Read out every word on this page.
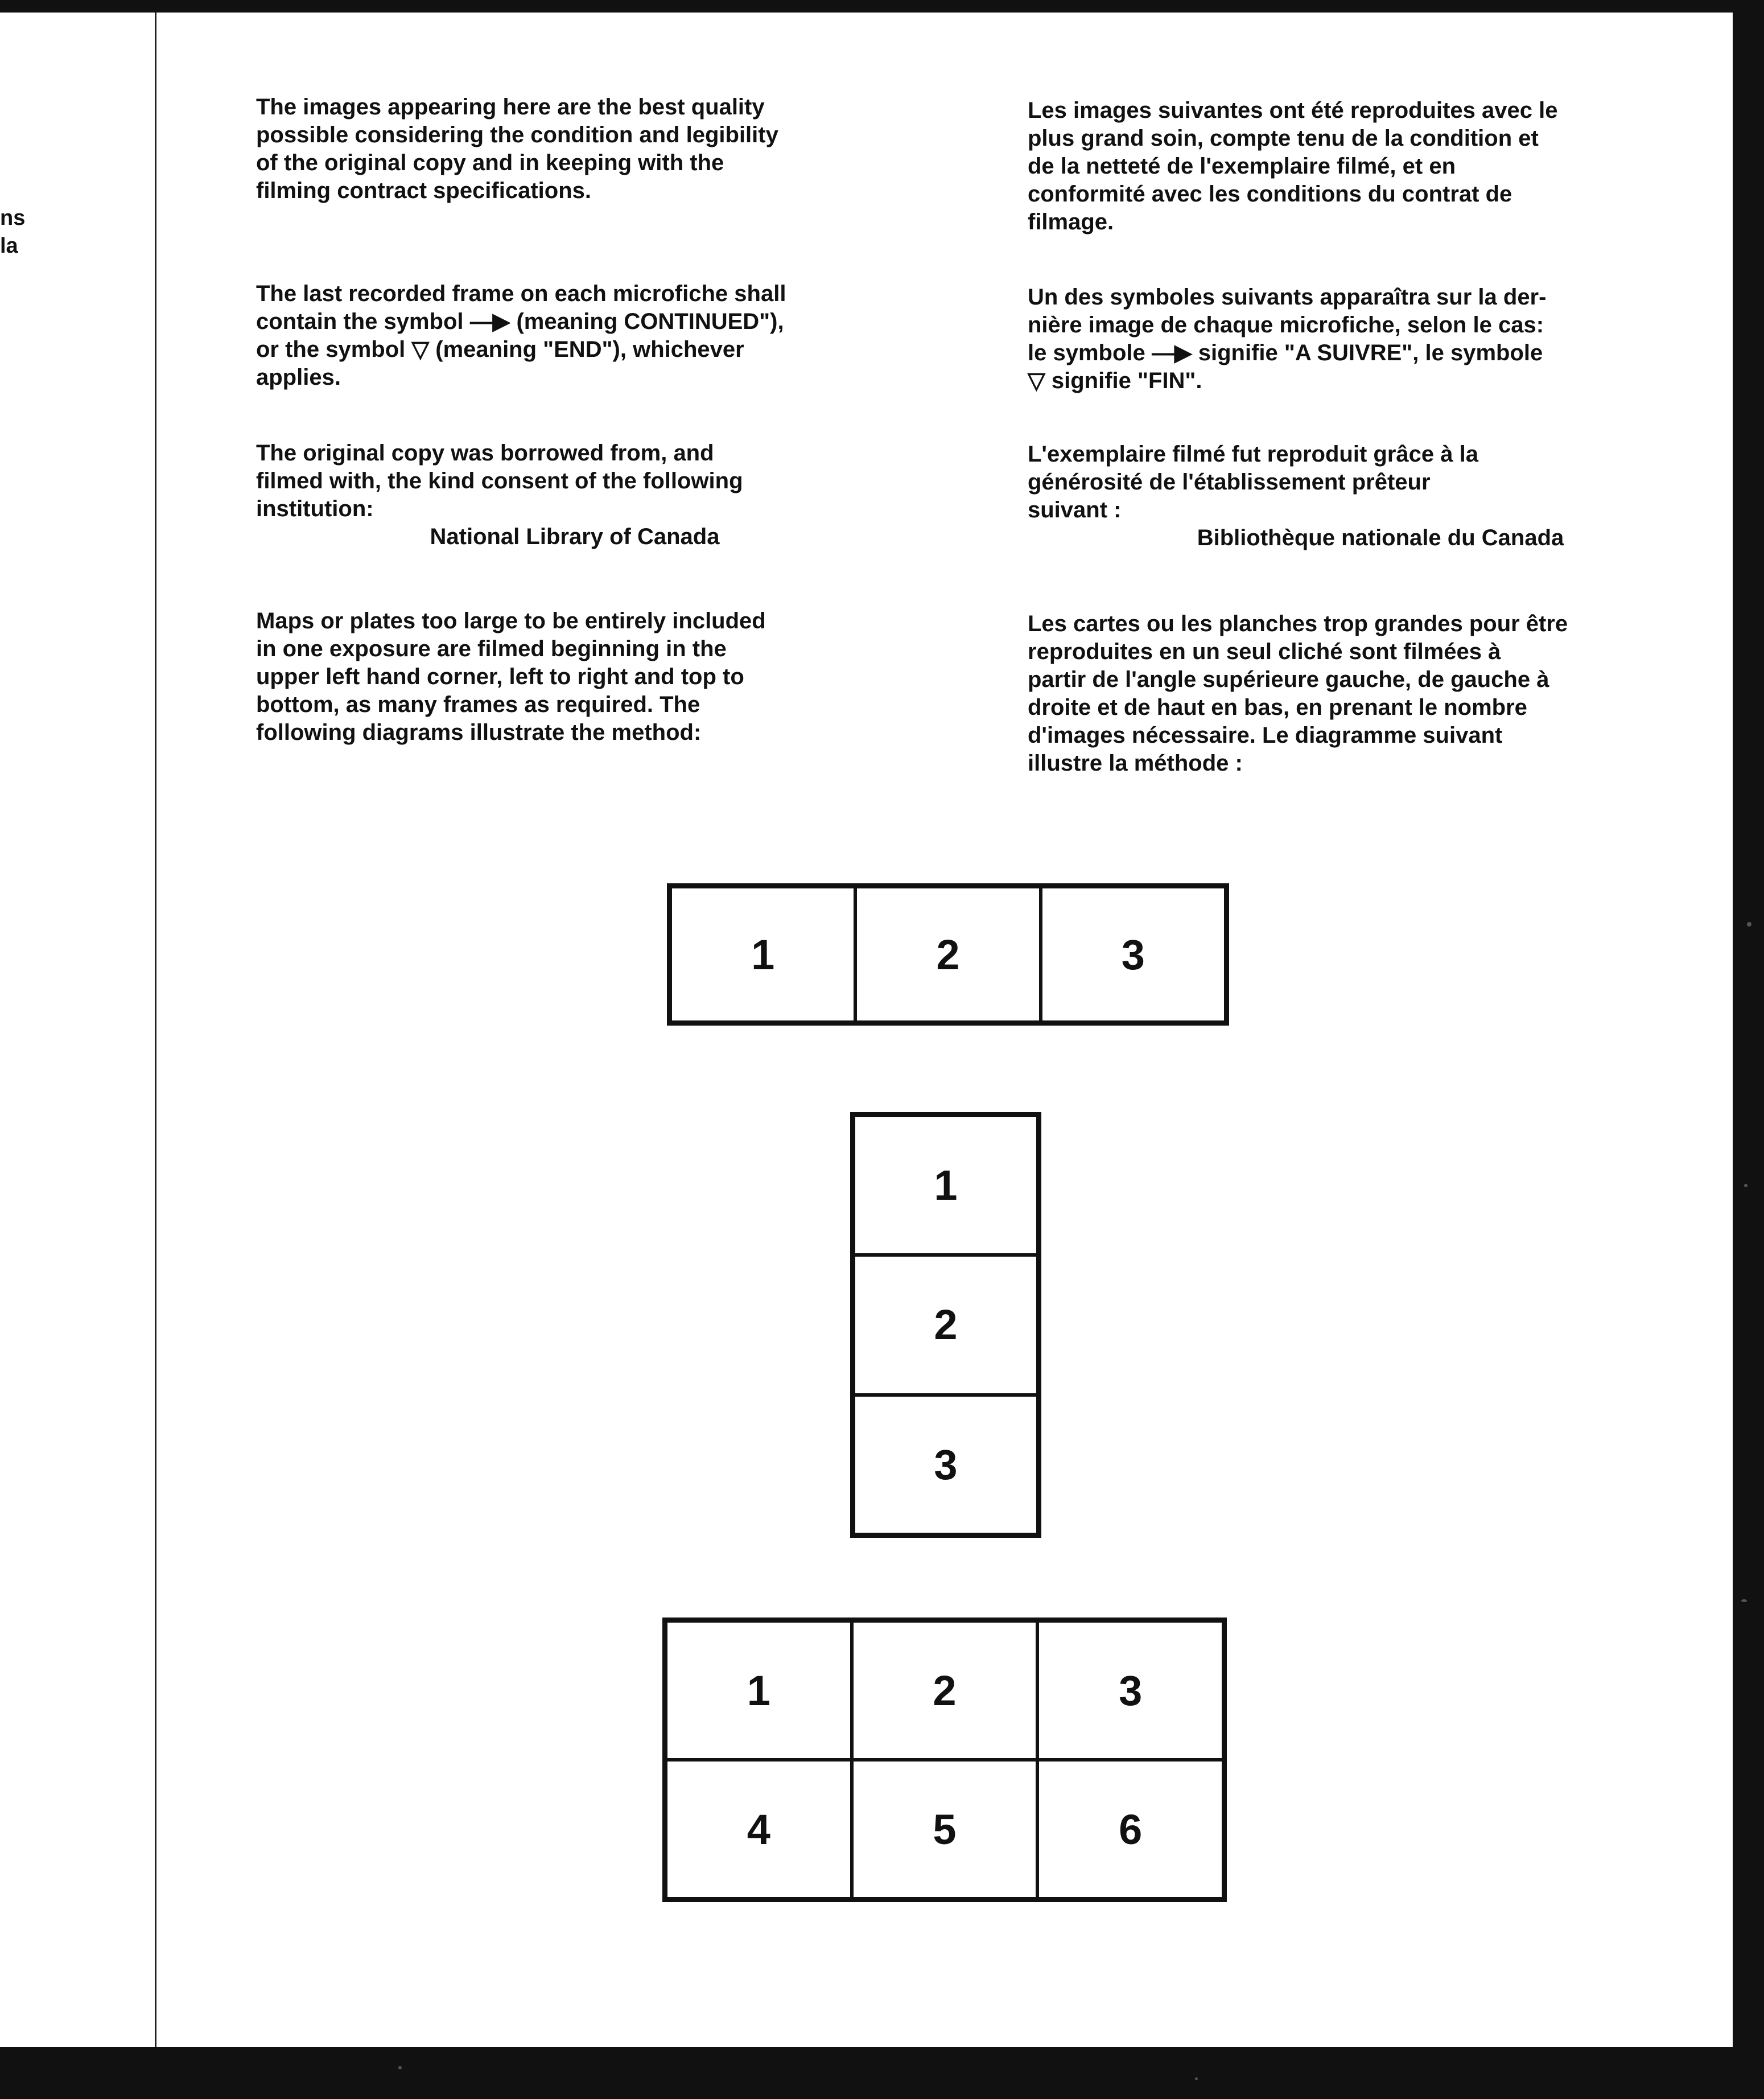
ns
la

The images appearing here are the best quality
possible considering the condition and legibility
of the original copy and in keeping with the
filming contract specifications.

The last recorded frame on each microfiche shall
contain the symbol —▶ (meaning CONTINUED"),
or the symbol ▽ (meaning "END"), whichever
applies.

The original copy was borrowed from, and
filmed with, the kind consent of the following
institution:

National Library of Canada

Maps or plates too large to be entirely included
in one exposure are filmed beginning in the
upper left hand corner, left to right and top to
bottom, as many frames as required. The
following diagrams illustrate the method:

Les images suivantes ont été reproduites avec le
plus grand soin, compte tenu de la condition et
de la netteté de l'exemplaire filmé, et en
conformité avec les conditions du contrat de
filmage.

Un des symboles suivants apparaîtra sur la der-
nière image de chaque microfiche, selon le cas:
le symbole —▶ signifie "A SUIVRE", le symbole
▽ signifie "FIN".

L'exemplaire filmé fut reproduit grâce à la
générosité de l'établissement prêteur
suivant :

Bibliothèque nationale du Canada

Les cartes ou les planches trop grandes pour être
reproduites en un seul cliché sont filmées à
partir de l'angle supérieure gauche, de gauche à
droite et de haut en bas, en prenant le nombre
d'images nécessaire. Le diagramme suivant
illustre la méthode :

1	2	3
1
2
3
1	2	3
4	5	6
